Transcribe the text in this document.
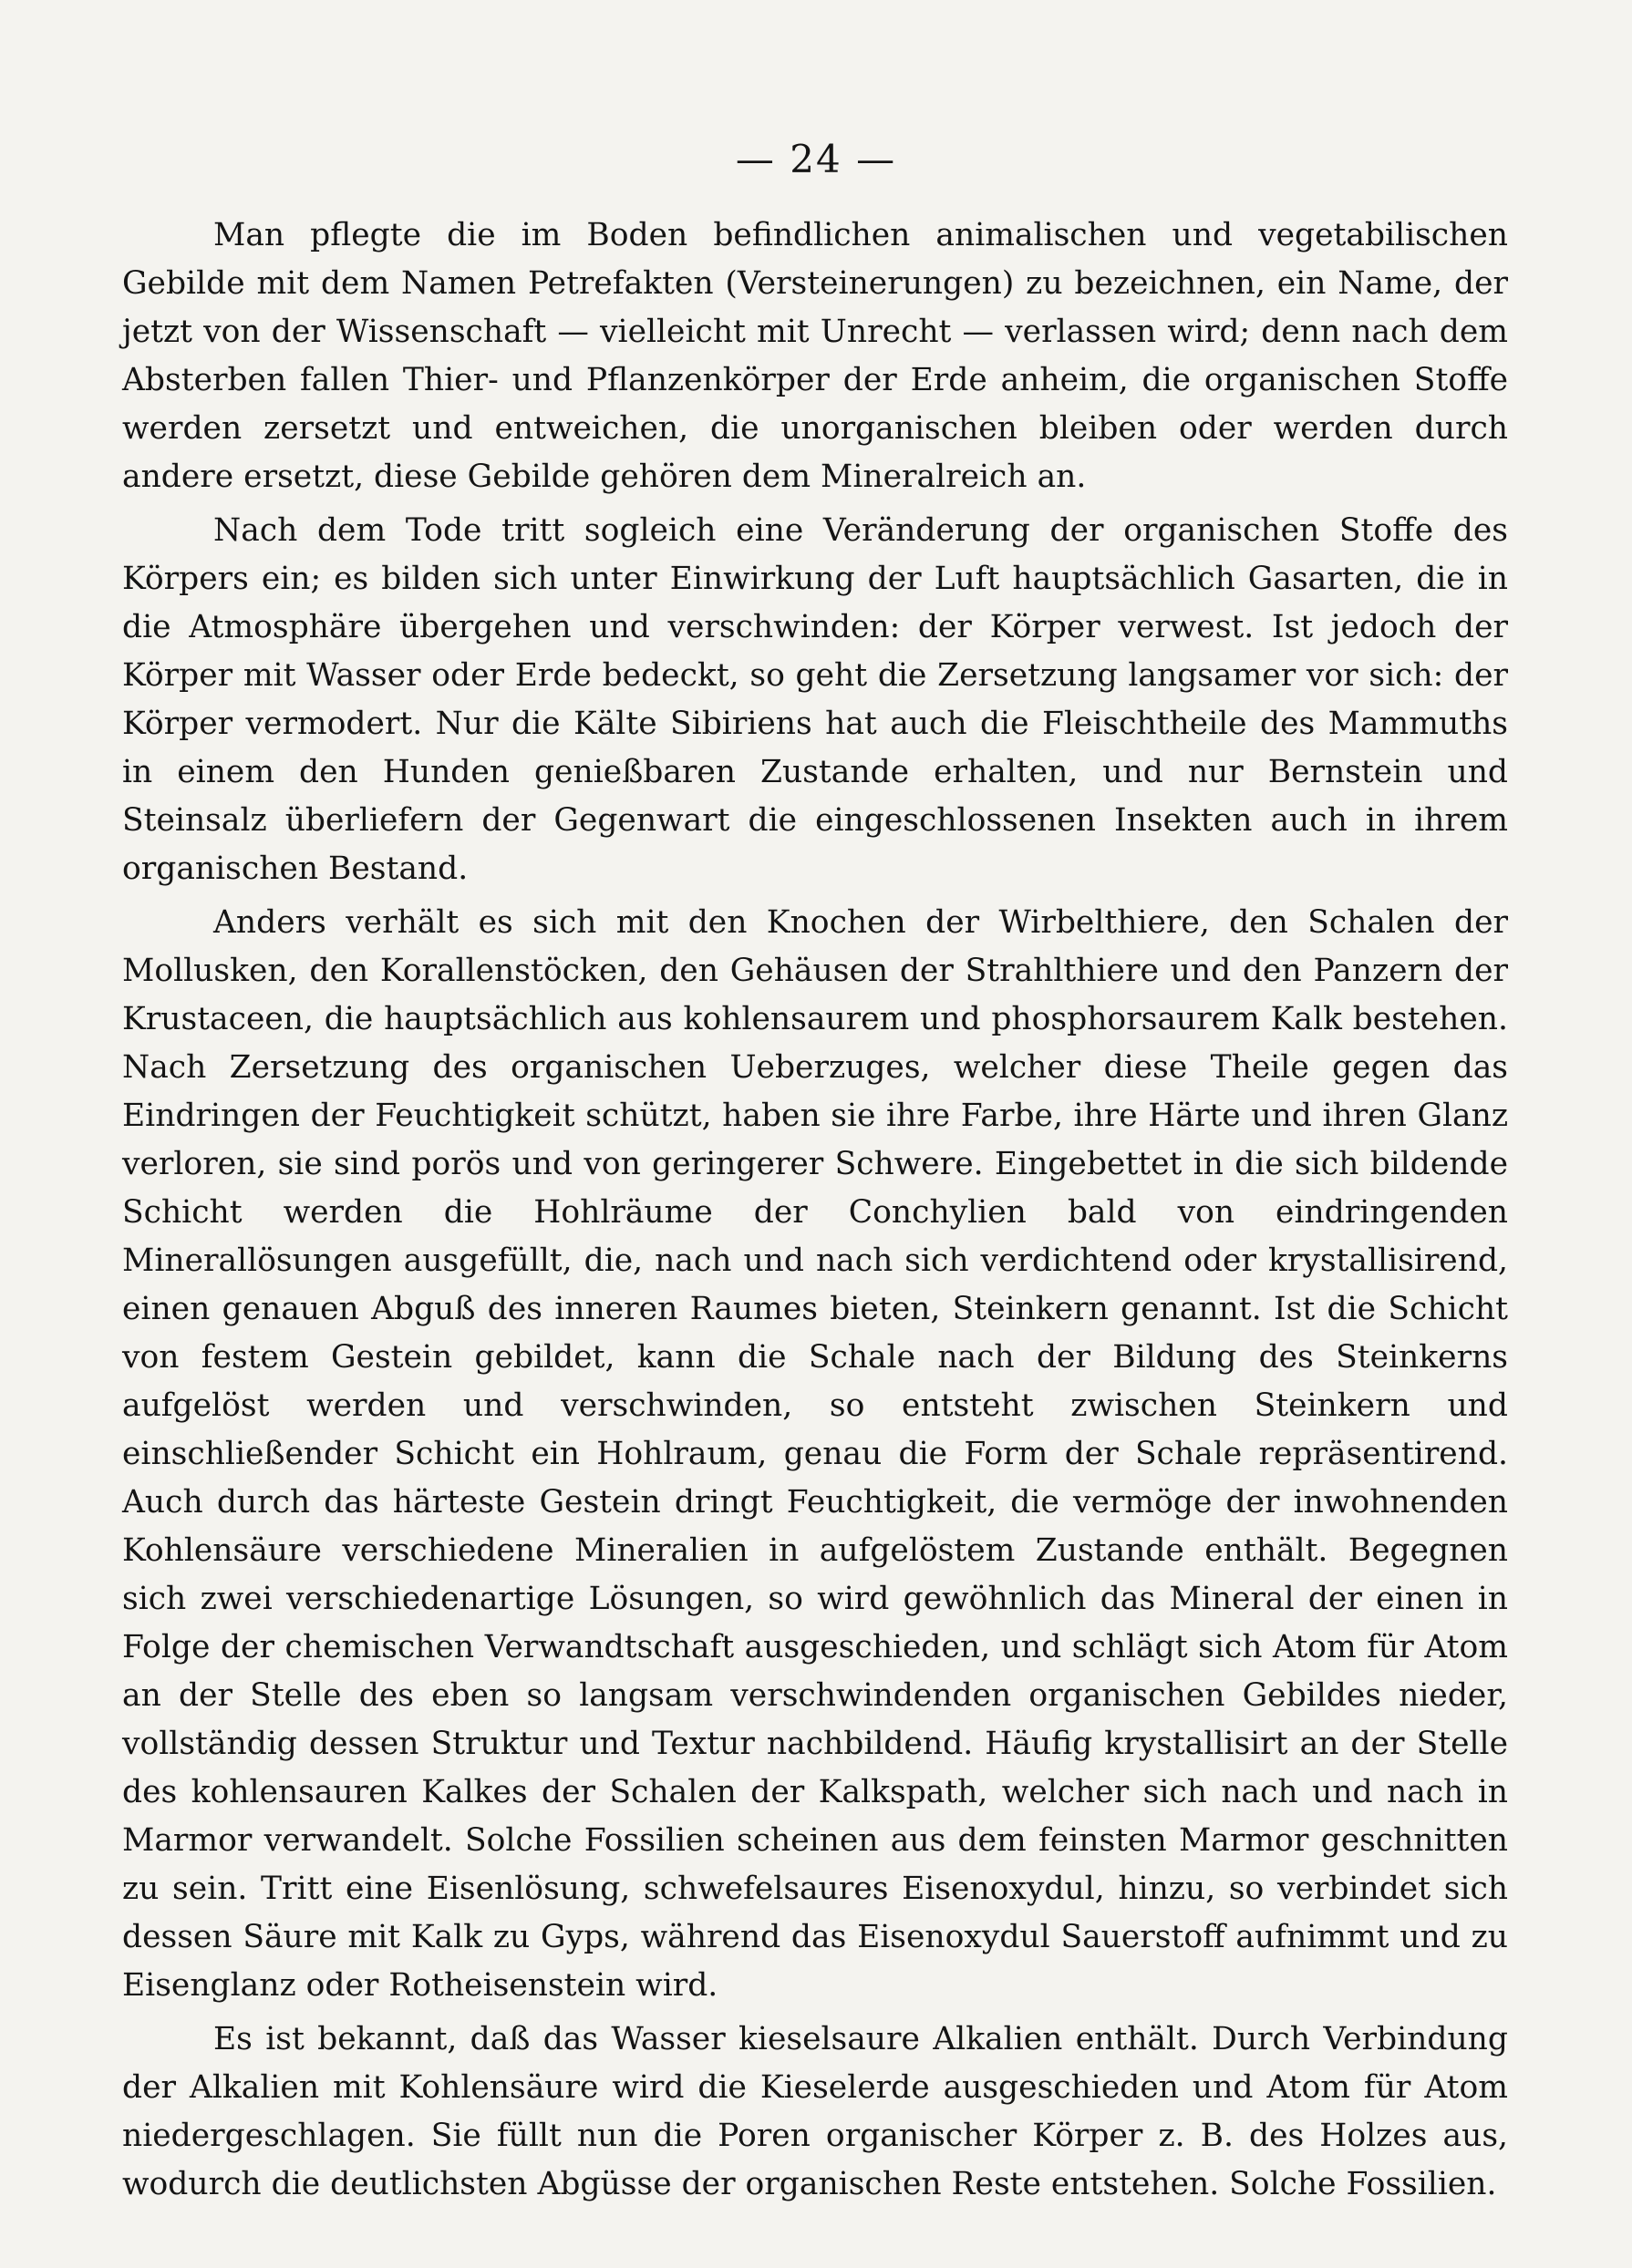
— 24 —

Man pflegte die im Boden befindlichen animalischen und vegetabilischen Gebilde mit dem Namen Petrefakten (Versteinerungen) zu bezeichnen, ein Name, der jetzt von der Wissenschaft — vielleicht mit Unrecht — verlassen wird; denn nach dem Absterben fallen Thier- und Pflanzenkörper der Erde anheim, die organischen Stoffe werden zersetzt und entweichen, die unorganischen bleiben oder werden durch andere ersetzt, diese Gebilde gehören dem Mineralreich an.

Nach dem Tode tritt sogleich eine Veränderung der organischen Stoffe des Körpers ein; es bilden sich unter Einwirkung der Luft hauptsächlich Gasarten, die in die Atmosphäre übergehen und verschwinden: der Körper verwest. Ist jedoch der Körper mit Wasser oder Erde bedeckt, so geht die Zersetzung langsamer vor sich: der Körper vermodert. Nur die Kälte Sibiriens hat auch die Fleischtheile des Mammuths in einem den Hunden genießbaren Zustande erhalten, und nur Bernstein und Steinsalz überliefern der Gegenwart die eingeschlossenen Insekten auch in ihrem organischen Bestand.

Anders verhält es sich mit den Knochen der Wirbelthiere, den Schalen der Mollusken, den Korallenstöcken, den Gehäusen der Strahlthiere und den Panzern der Krustaceen, die hauptsächlich aus kohlensaurem und phosphorsaurem Kalk bestehen. Nach Zersetzung des organischen Ueberzuges, welcher diese Theile gegen das Eindringen der Feuchtigkeit schützt, haben sie ihre Farbe, ihre Härte und ihren Glanz verloren, sie sind porös und von geringerer Schwere. Eingebettet in die sich bildende Schicht werden die Hohlräume der Conchylien bald von eindringenden Minerallösungen ausgefüllt, die, nach und nach sich verdichtend oder krystallisirend, einen genauen Abguß des inneren Raumes bieten, Steinkern genannt. Ist die Schicht von festem Gestein gebildet, kann die Schale nach der Bildung des Steinkerns aufgelöst werden und verschwinden, so entsteht zwischen Steinkern und einschließender Schicht ein Hohlraum, genau die Form der Schale repräsentirend. Auch durch das härteste Gestein dringt Feuchtigkeit, die vermöge der inwohnenden Kohlensäure verschiedene Mineralien in aufgelöstem Zustande enthält. Begegnen sich zwei verschiedenartige Lösungen, so wird gewöhnlich das Mineral der einen in Folge der chemischen Verwandtschaft ausgeschieden, und schlägt sich Atom für Atom an der Stelle des eben so langsam verschwindenden organischen Gebildes nieder, vollständig dessen Struktur und Textur nachbildend. Häufig krystallisirt an der Stelle des kohlensauren Kalkes der Schalen der Kalkspath, welcher sich nach und nach in Marmor verwandelt. Solche Fossilien scheinen aus dem feinsten Marmor geschnitten zu sein. Tritt eine Eisenlösung, schwefelsaures Eisenoxydul, hinzu, so verbindet sich dessen Säure mit Kalk zu Gyps, während das Eisenoxydul Sauerstoff aufnimmt und zu Eisenglanz oder Rotheisenstein wird.

Es ist bekannt, daß das Wasser kieselsaure Alkalien enthält. Durch Verbindung der Alkalien mit Kohlensäure wird die Kieselerde ausgeschieden und Atom für Atom niedergeschlagen. Sie füllt nun die Poren organischer Körper z. B. des Holzes aus, wodurch die deutlichsten Abgüsse der organischen Reste entstehen. Solche Fossilien.
